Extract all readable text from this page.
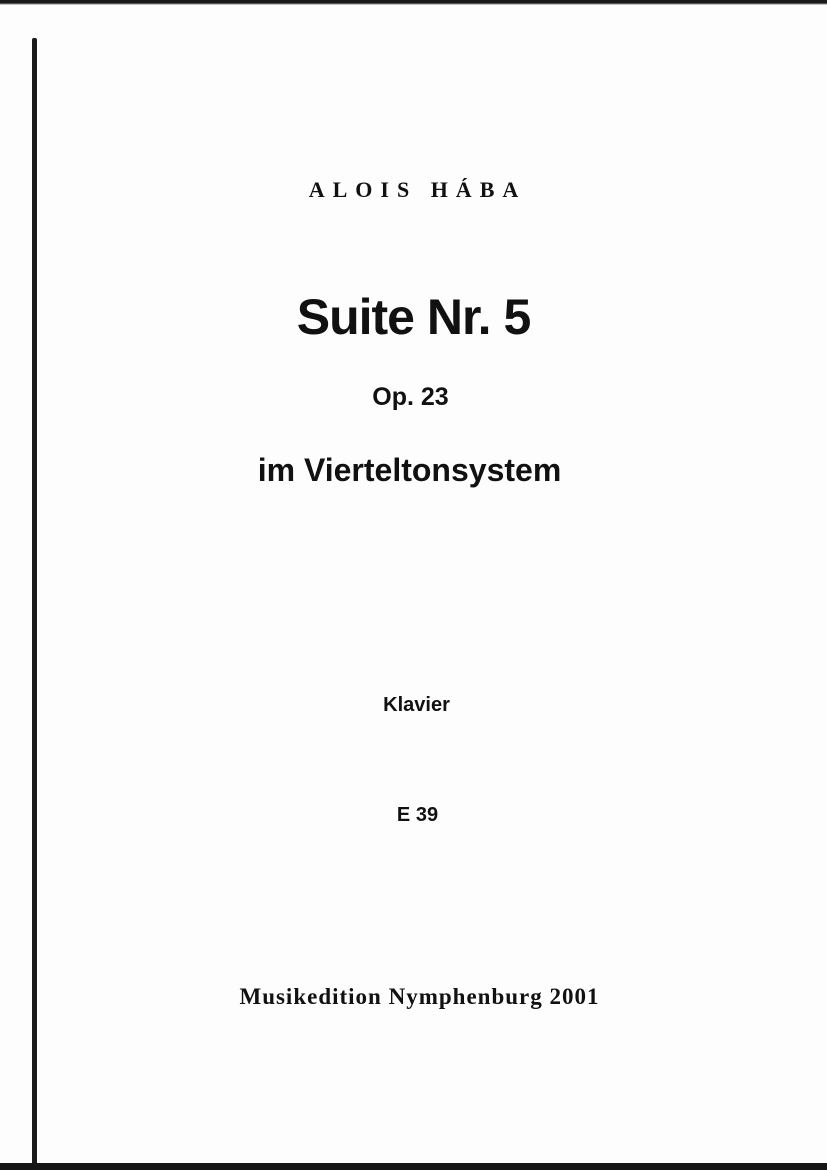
ALOIS HÁBA
Suite Nr. 5
Op. 23
im Vierteltonsystem
Klavier
E 39
Musikedition Nymphenburg 2001
